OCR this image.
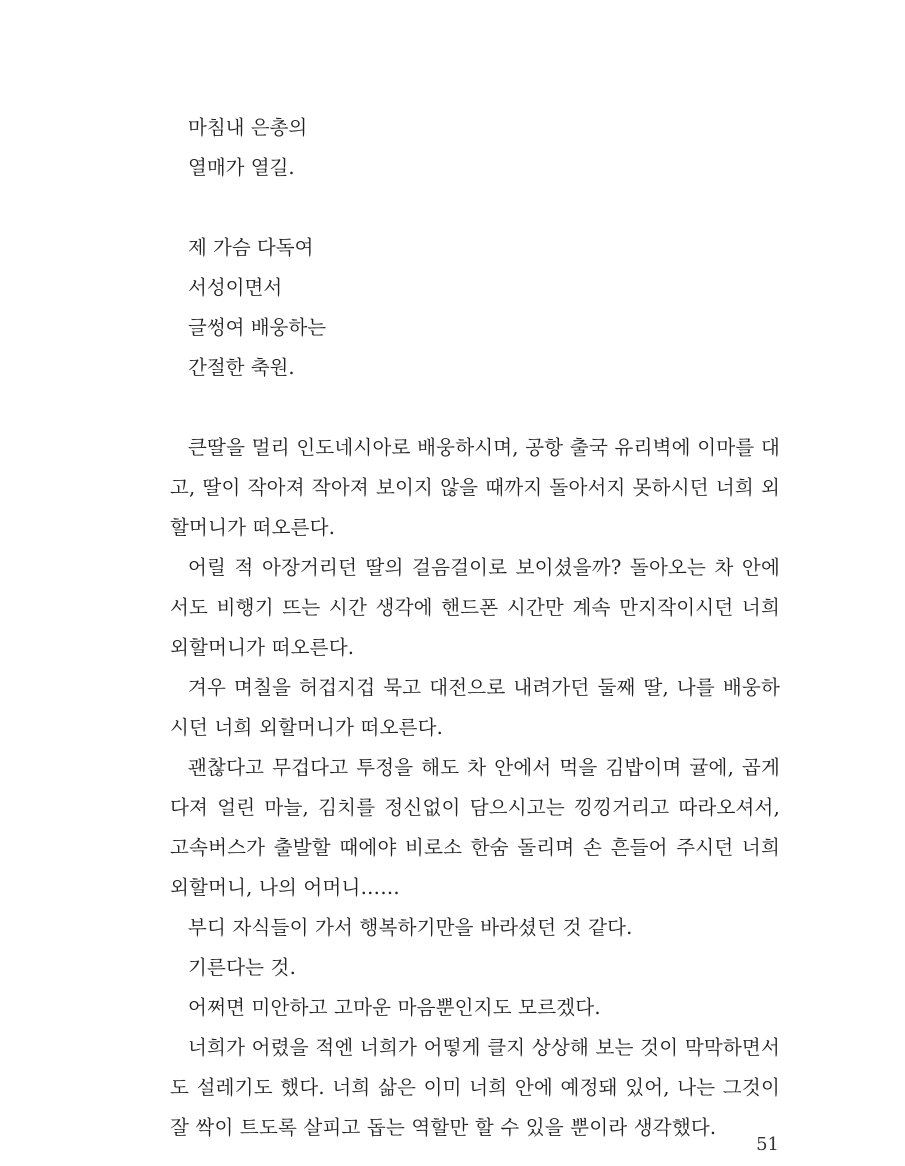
마침내 은총의
열매가 열길.
제 가슴 다독여
서성이면서
글썽여 배웅하는
간절한 축원.

큰딸을 멀리 인도네시아로 배웅하시며, 공항 출국 유리벽에 이마를 대고, 딸이 작아져 작아져 보이지 않을 때까지 돌아서지 못하시던 너희 외할머니가 떠오른다.

어릴 적 아장거리던 딸의 걸음걸이로 보이셨을까? 돌아오는 차 안에서도 비행기 뜨는 시간 생각에 핸드폰 시간만 계속 만지작이시던 너희 외할머니가 떠오른다.

겨우 며칠을 허겁지겁 묵고 대전으로 내려가던 둘째 딸, 나를 배웅하시던 너희 외할머니가 떠오른다.

괜찮다고 무겁다고 투정을 해도 차 안에서 먹을 김밥이며 귤에, 곱게 다져 얼린 마늘, 김치를 정신없이 담으시고는 낑낑거리고 따라오셔서, 고속버스가 출발할 때에야 비로소 한숨 돌리며 손 흔들어 주시던 너희 외할머니, 나의 어머니……

부디 자식들이 가서 행복하기만을 바라셨던 것 같다.

기른다는 것.

어쩌면 미안하고 고마운 마음뿐인지도 모르겠다.

너희가 어렸을 적엔 너희가 어떻게 클지 상상해 보는 것이 막막하면서도 설레기도 했다. 너희 삶은 이미 너희 안에 예정돼 있어, 나는 그것이 잘 싹이 트도록 살피고 돕는 역할만 할 수 있을 뿐이라 생각했다.

51
